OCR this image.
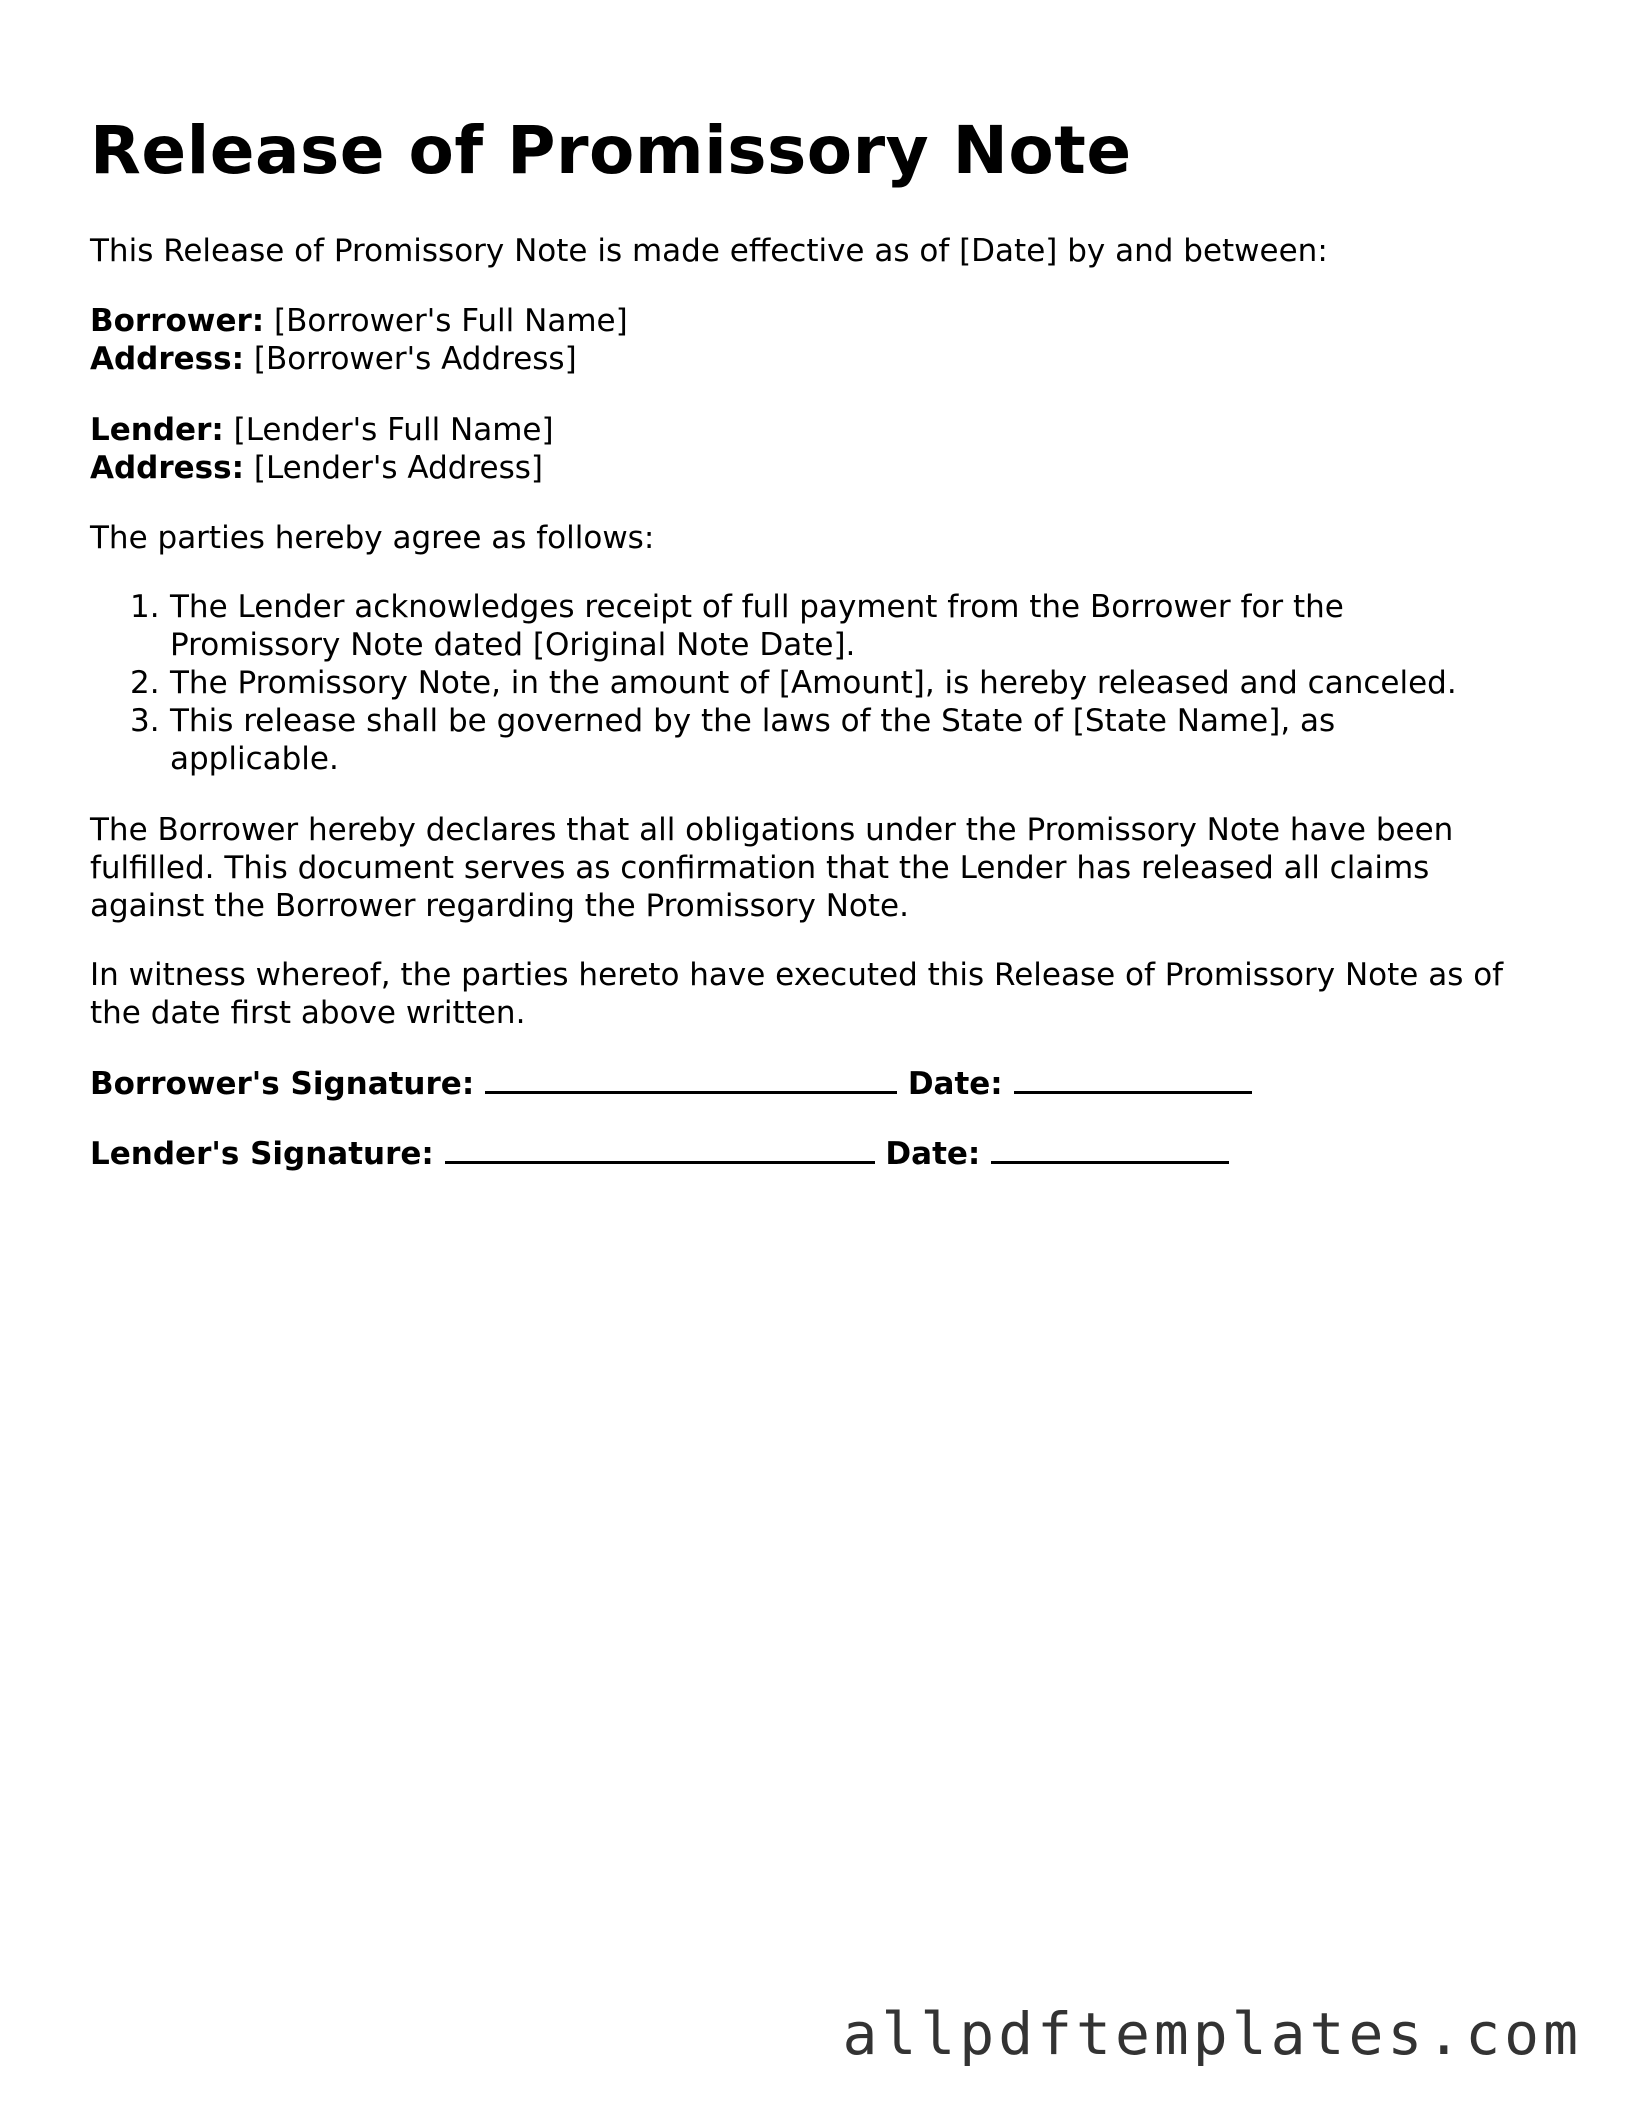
Release of Promissory Note
This Release of Promissory Note is made effective as of [Date] by and between:
Borrower: [Borrower's Full Name]
Address: [Borrower's Address]
Lender: [Lender's Full Name]
Address: [Lender's Address]
The parties hereby agree as follows:
1. The Lender acknowledges receipt of full payment from the Borrower for the Promissory Note dated [Original Note Date].
2. The Promissory Note, in the amount of [Amount], is hereby released and canceled.
3. This release shall be governed by the laws of the State of [State Name], as applicable.
The Borrower hereby declares that all obligations under the Promissory Note have been fulfilled. This document serves as confirmation that the Lender has released all claims against the Borrower regarding the Promissory Note.
In witness whereof, the parties hereto have executed this Release of Promissory Note as of the date first above written.
Borrower's Signature:	Date:
Lender's Signature:	Date:
allpdftemplates.com
